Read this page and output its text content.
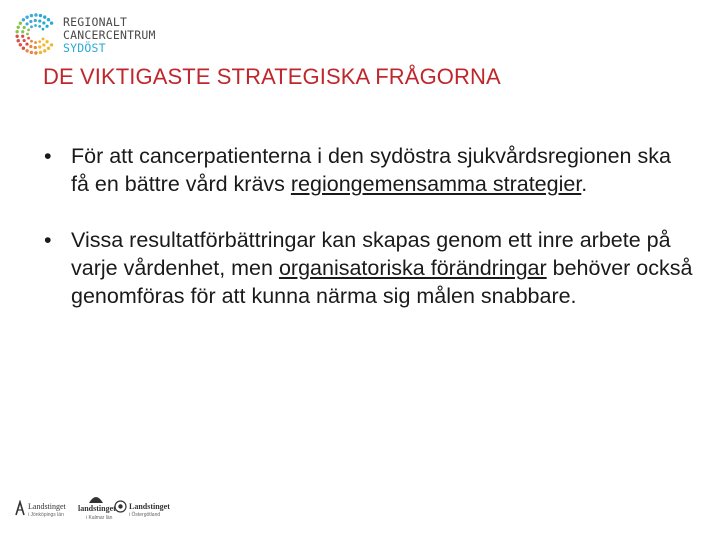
REGIONALT
CANCERCENTRUM
SYDÖST
DE VIKTIGASTE STRATEGISKA FRÅGORNA
• För att cancerpatienterna i den sydöstra sjukvårdsregionen ska få en bättre vård krävs regiongemensamma strategier.
• Vissa resultatförbättringar kan skapas genom ett inre arbete på varje vårdenhet, men organisatoriska förändringar behöver också genomföras för att kunna närma sig målen snabbare.
Landstinget
i Jönköpings län
landstinget
i Kalmar län
Landstinget
i Östergötland
